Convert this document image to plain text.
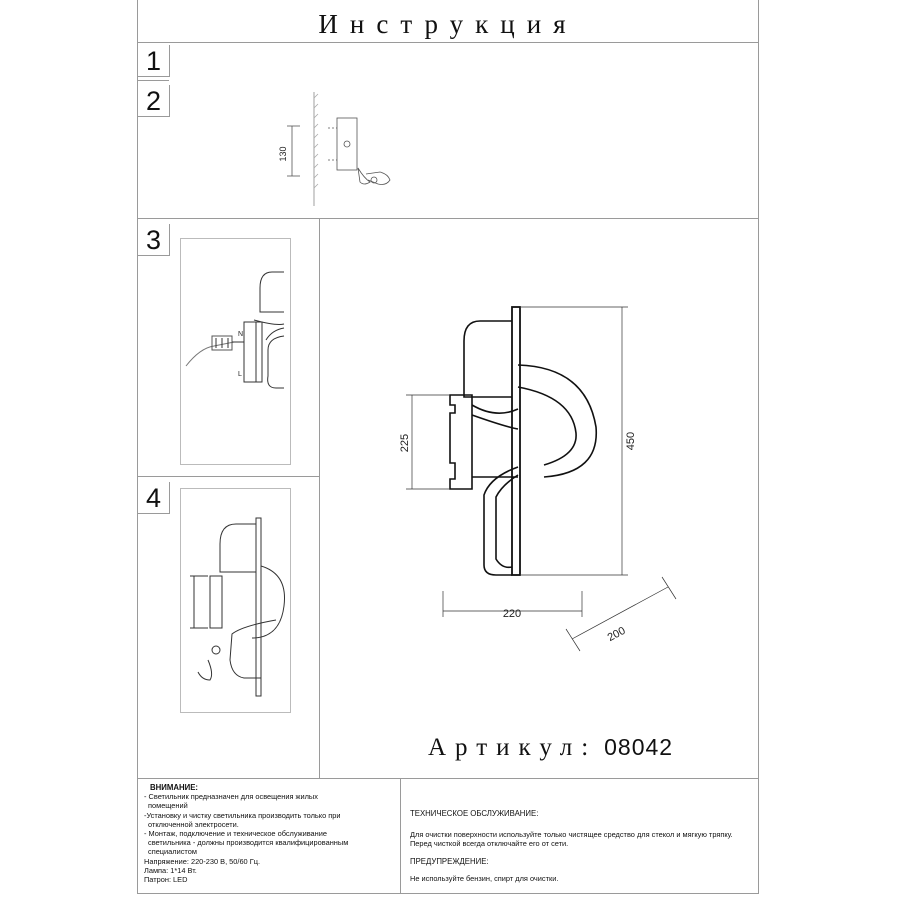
Инструкция
1
2
3
4
130
N
L
450
225
220
200
Артикул: 08042
ВНИМАНИЕ:
- Светильник предназначен для освещения жилых
помещений
-Установку и чистку светильника производить только при
отключенной электросети.
- Монтаж, подключение и техническое обслуживание
светильника - должны производится квалифицированным
специалистом
Напряжение: 220-230 В, 50/60 Гц.
Лампа: 1*14 Вт.
Патрон: LED

ТЕХНИЧЕСКОЕ ОБСЛУЖИВАНИЕ:

Для очистки поверхности используйте только чистящее средство для стекол и мягкую тряпку.

Перед чисткой всегда отключайте его от сети.

ПРЕДУПРЕЖДЕНИЕ:

Не используйте бензин, спирт для очистки.
